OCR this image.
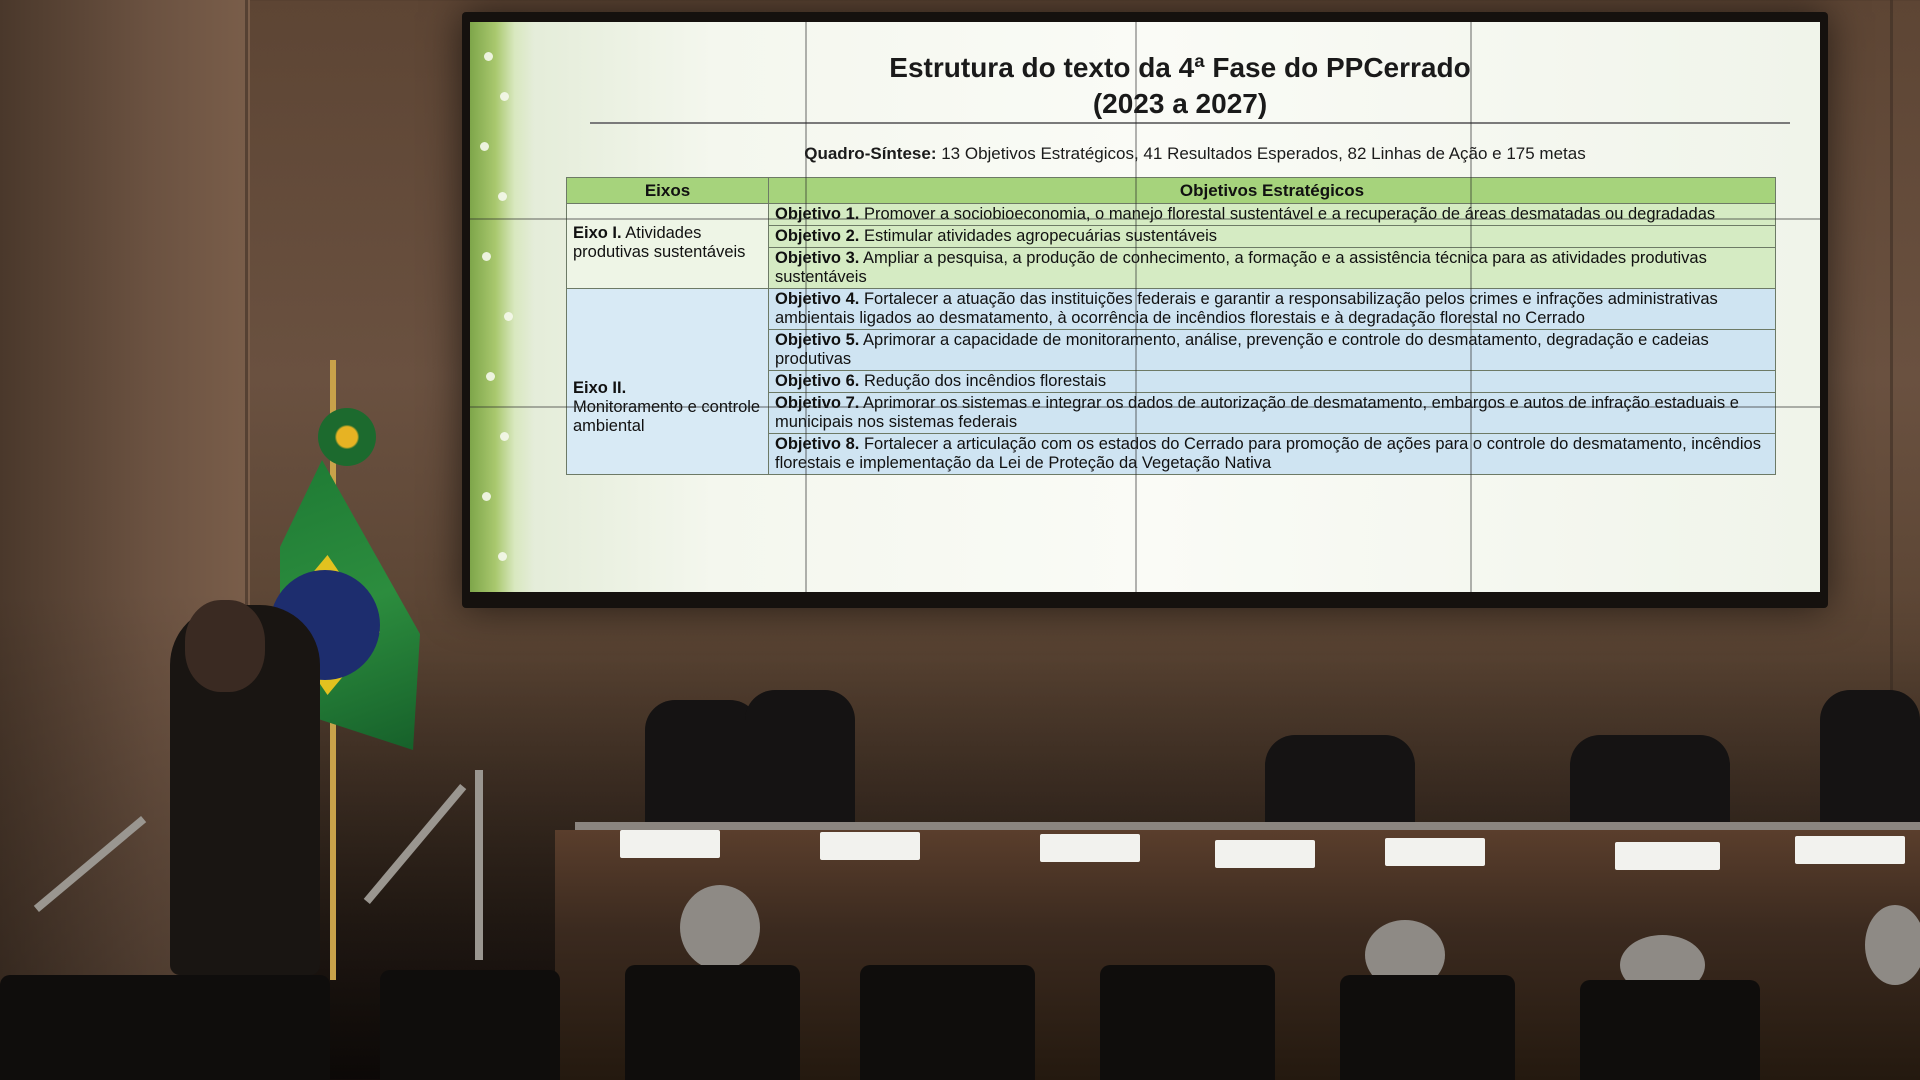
Estrutura do texto da 4ª Fase do PPCerrado
(2023 a 2027)
Quadro-Síntese: 13 Objetivos Estratégicos, 41 Resultados Esperados, 82 Linhas de Ação e 175 metas
Eixos	Objetivos Estratégicos
Eixo I. Atividades produtivas sustentáveis	Objetivo 1. Promover a sociobioeconomia, o manejo florestal sustentável e a recuperação de áreas desmatadas ou degradadas
	Objetivo 2. Estimular atividades agropecuárias sustentáveis
	Objetivo 3. Ampliar a pesquisa, a produção de conhecimento, a formação e a assistência técnica para as atividades produtivas sustentáveis
Eixo II.
Monitoramento e controle ambiental	Objetivo 4. Fortalecer a atuação das instituições federais e garantir a responsabilização pelos crimes e infrações administrativas ambientais ligados ao desmatamento, à ocorrência de incêndios florestais e à degradação florestal no Cerrado
	Objetivo 5. Aprimorar a capacidade de monitoramento, análise, prevenção e controle do desmatamento, degradação e cadeias produtivas
	Objetivo 6. Redução dos incêndios florestais
	Objetivo 7. Aprimorar os sistemas e integrar os dados de autorização de desmatamento, embargos e autos de infração estaduais e municipais nos sistemas federais
	Objetivo 8. Fortalecer a articulação com os estados do Cerrado para promoção de ações para o controle do desmatamento, incêndios florestais e implementação da Lei de Proteção da Vegetação Nativa
